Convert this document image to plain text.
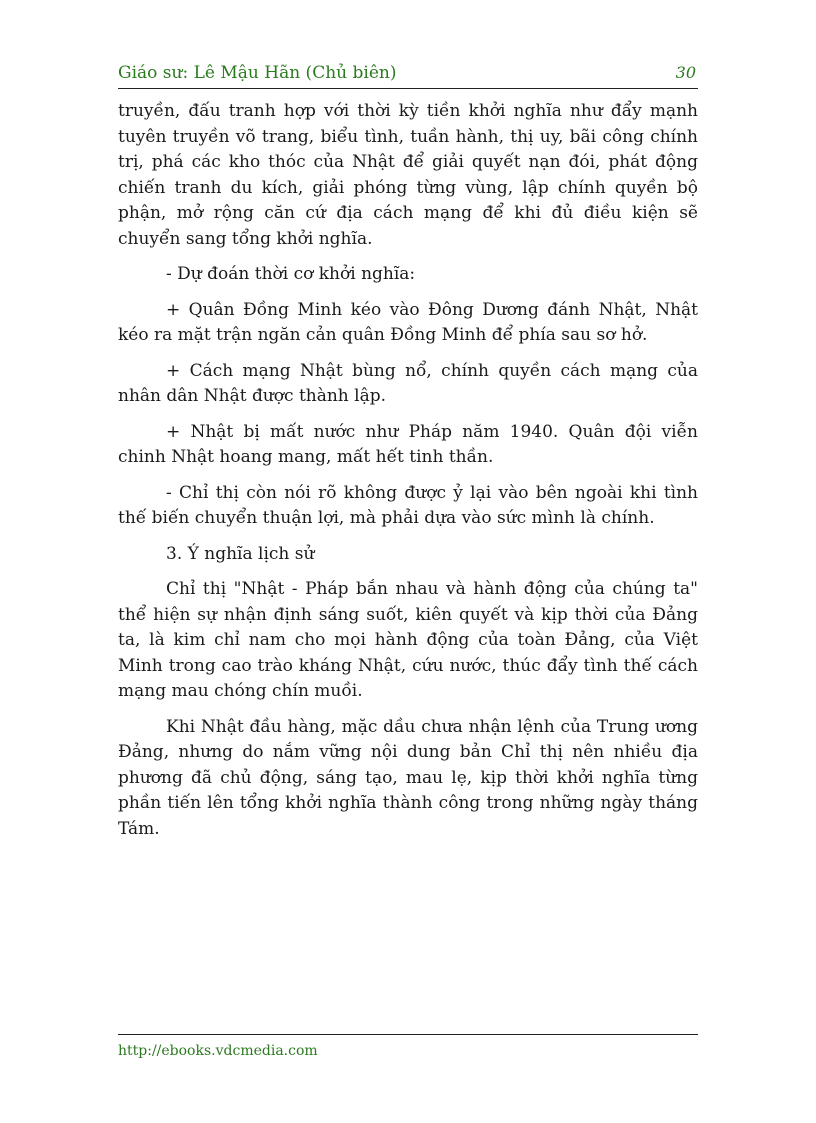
Giáo sư: Lê Mậu Hãn (Chủ biên)	30

truyền, đấu tranh hợp với thời kỳ tiền khởi nghĩa như đẩy mạnh tuyên truyền võ trang, biểu tình, tuần hành, thị uy, bãi công chính trị, phá các kho thóc của Nhật để giải quyết nạn đói, phát động chiến tranh du kích, giải phóng từng vùng, lập chính quyền bộ phận, mở rộng căn cứ địa cách mạng để khi đủ điều kiện sẽ chuyển sang tổng khởi nghĩa.

- Dự đoán thời cơ khởi nghĩa:

+ Quân Đồng Minh kéo vào Đông Dương đánh Nhật, Nhật kéo ra mặt trận ngăn cản quân Đồng Minh để phía sau sơ hở.

+ Cách mạng Nhật bùng nổ, chính quyền cách mạng của nhân dân Nhật được thành lập.

+ Nhật bị mất nước như Pháp năm 1940. Quân đội viễn chinh Nhật hoang mang, mất hết tinh thần.

- Chỉ thị còn nói rõ không được ỷ lại vào bên ngoài khi tình thế biến chuyển thuận lợi, mà phải dựa vào sức mình là chính.

3. Ý nghĩa lịch sử

Chỉ thị "Nhật - Pháp bắn nhau và hành động của chúng ta" thể hiện sự nhận định sáng suốt, kiên quyết và kịp thời của Đảng ta, là kim chỉ nam cho mọi hành động của toàn Đảng, của Việt Minh trong cao trào kháng Nhật, cứu nước, thúc đẩy tình thế cách mạng mau chóng chín muồi.

Khi Nhật đầu hàng, mặc dầu chưa nhận lệnh của Trung ương Đảng, nhưng do nắm vững nội dung bản Chỉ thị nên nhiều địa phương đã chủ động, sáng tạo, mau lẹ, kịp thời khởi nghĩa từng phần tiến lên tổng khởi nghĩa thành công trong những ngày tháng Tám.

http://ebooks.vdcmedia.com
